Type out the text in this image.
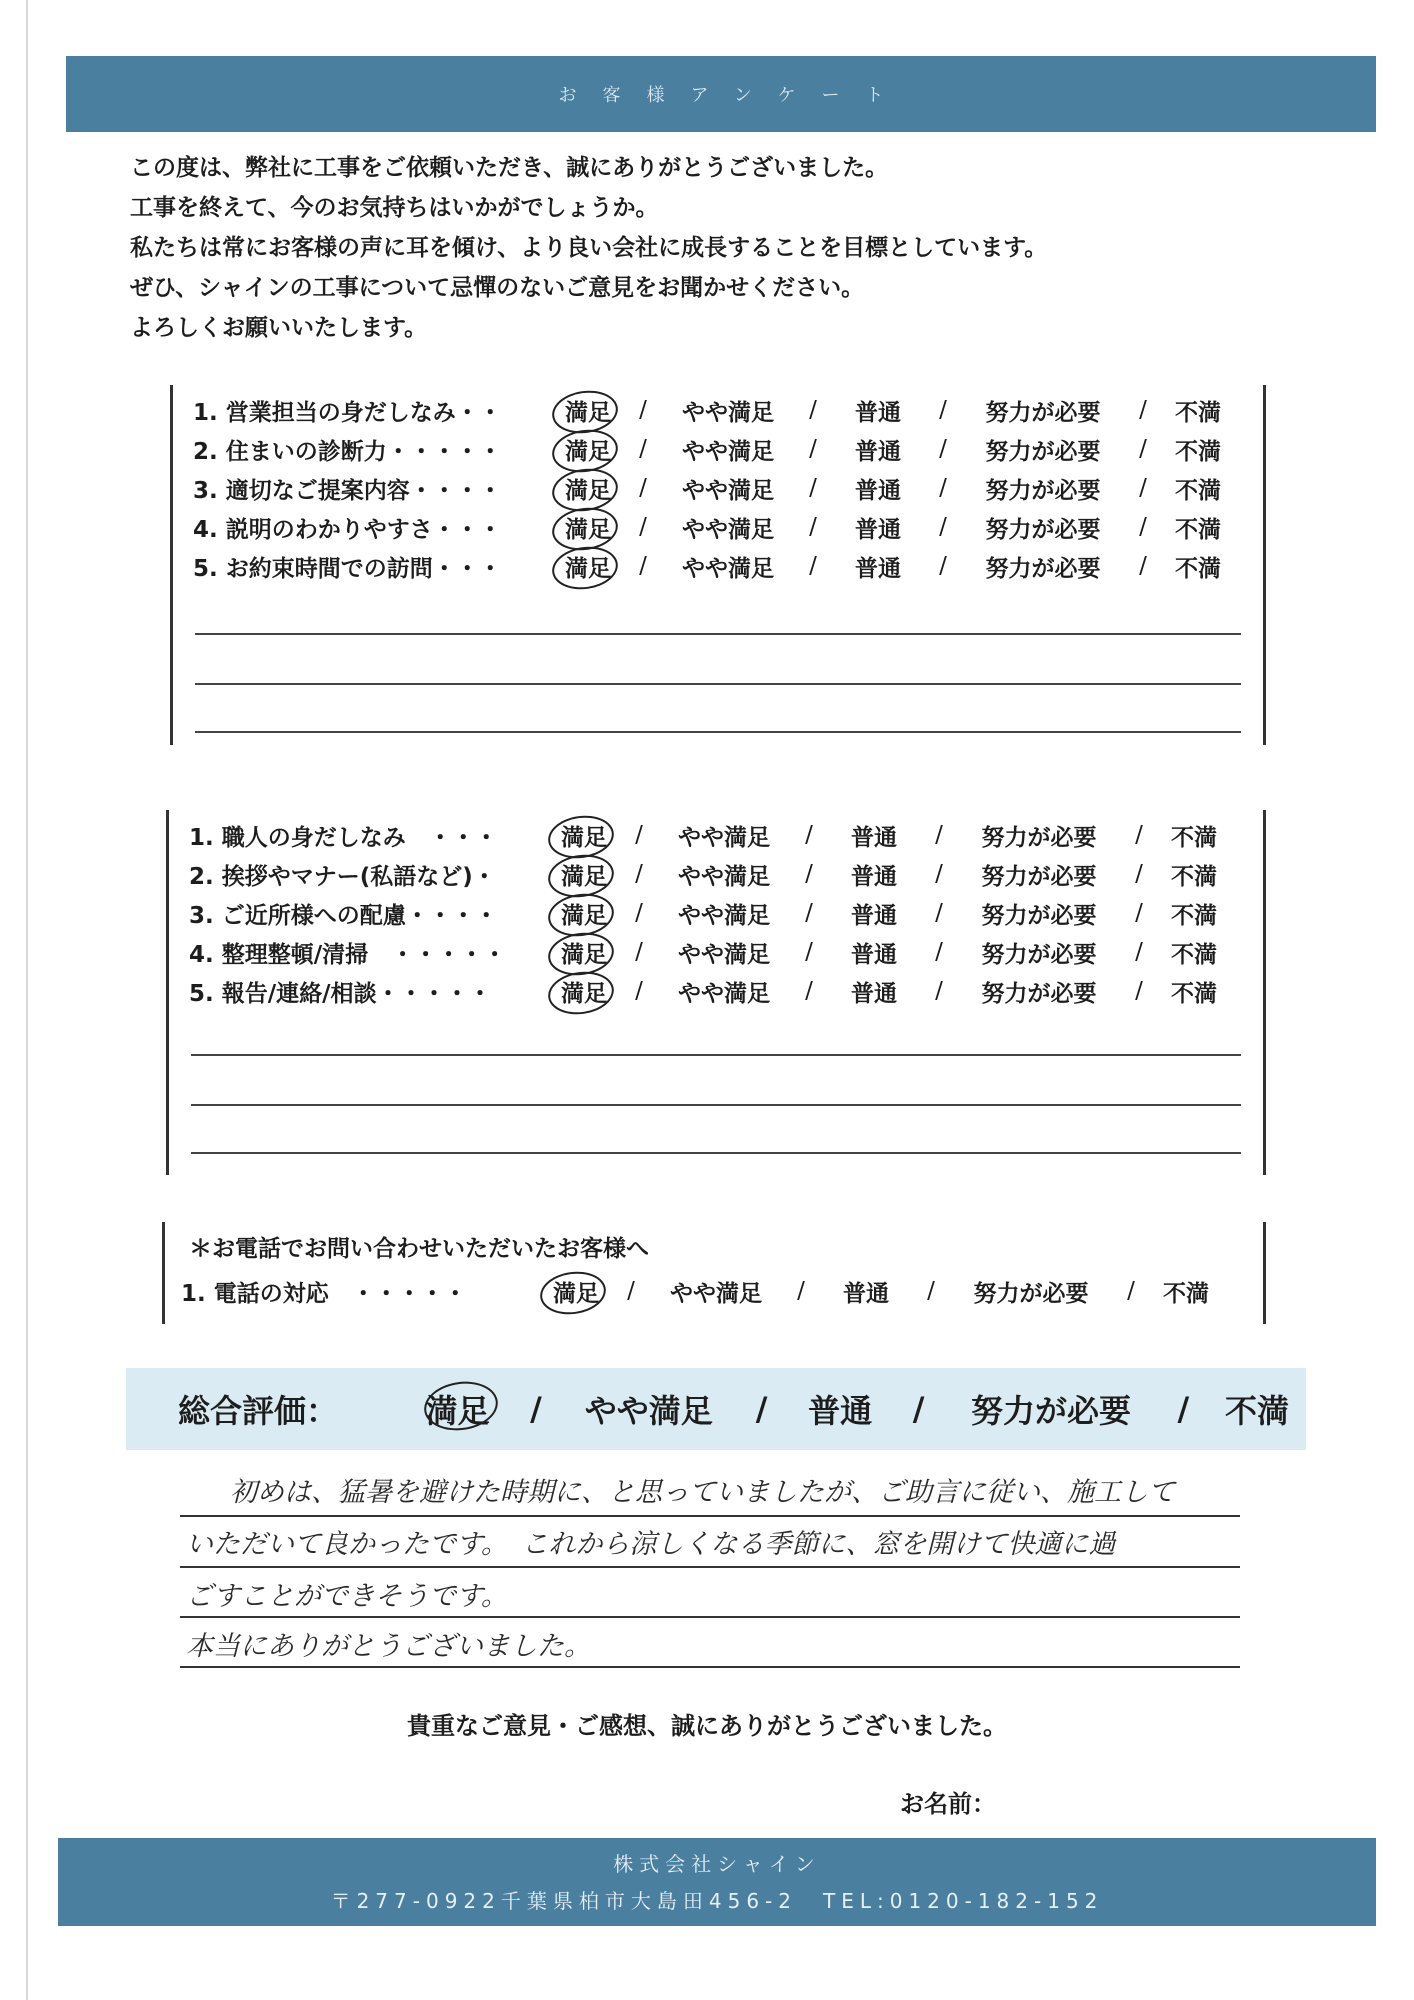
お客様アンケート
この度は、弊社に工事をご依頼いただき、誠にありがとうございました。
工事を終えて、今のお気持ちはいかがでしょうか。
私たちは常にお客様の声に耳を傾け、より良い会社に成長することを目標としています。
ぜひ、シャインの工事について忌憚のないご意見をお聞かせください。
よろしくお願いいたします。
1. 営業担当の身だしなみ・・	満足	/	やや満足	/	普通	/	努力が必要	/	不満
2. 住まいの診断力・・・・・	満足	/	やや満足	/	普通	/	努力が必要	/	不満
3. 適切なご提案内容・・・・	満足	/	やや満足	/	普通	/	努力が必要	/	不満
4. 説明のわかりやすさ・・・	満足	/	やや満足	/	普通	/	努力が必要	/	不満
5. お約束時間での訪問・・・	満足	/	やや満足	/	普通	/	努力が必要	/	不満
1. 職人の身だしなみ　・・・	満足	/	やや満足	/	普通	/	努力が必要	/	不満
2. 挨拶やマナー(私語など)・	満足	/	やや満足	/	普通	/	努力が必要	/	不満
3. ご近所様への配慮・・・・	満足	/	やや満足	/	普通	/	努力が必要	/	不満
4. 整理整頓/清掃　・・・・・	満足	/	やや満足	/	普通	/	努力が必要	/	不満
5. 報告/連絡/相談・・・・・	満足	/	やや満足	/	普通	/	努力が必要	/	不満
＊お電話でお問い合わせいただいたお客様へ
1. 電話の対応　・・・・・	満足	/	やや満足	/	普通	/	努力が必要	/	不満
総合評価：	満足	/	やや満足	/	普通	/	努力が必要	/	不満
初めは、猛暑を避けた時期に、と思っていましたが、ご助言に従い、施工して
いただいて良かったです。　これから涼しくなる季節に、窓を開けて快適に過
ごすことができそうです。
本当にありがとうございました。
貴重なご意見・ご感想、誠にありがとうございました。
お名前：
株式会社シャイン
〒277-0922千葉県柏市大島田456-2　TEL:0120-182-152
